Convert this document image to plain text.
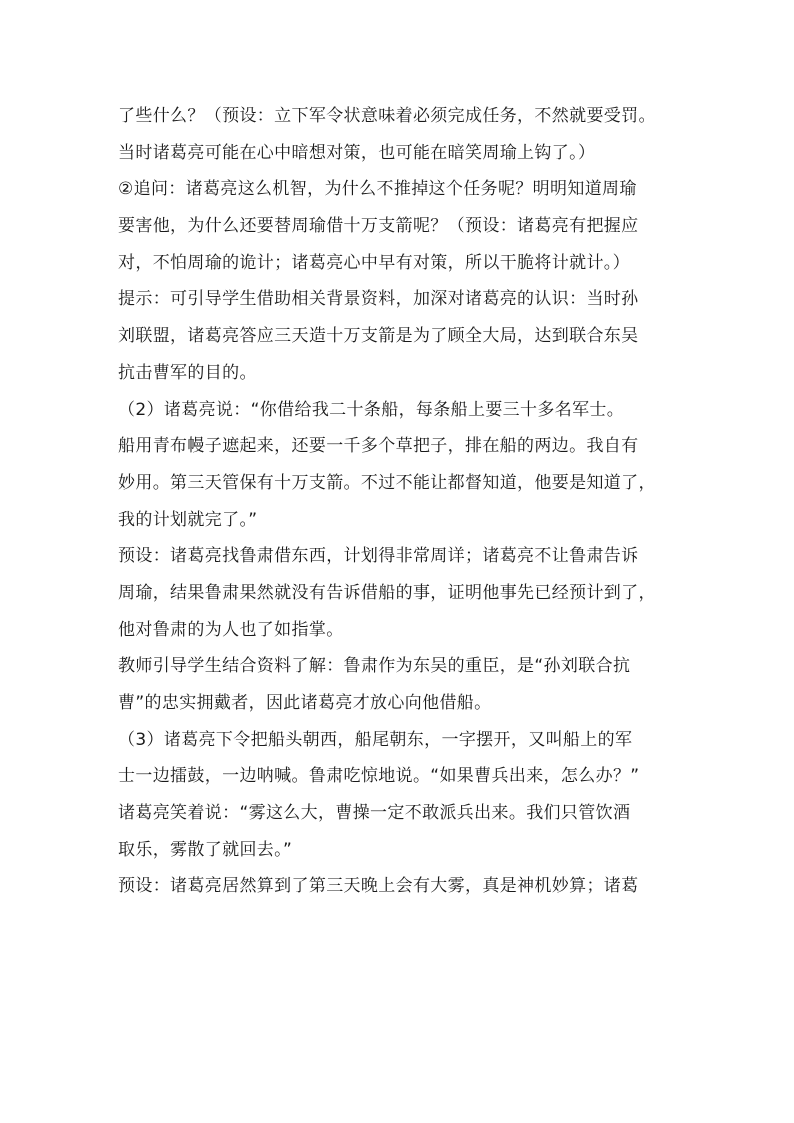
了些什么？（预设：立下军令状意味着必须完成任务，不然就要受罚。
当时诸葛亮可能在心中暗想对策，也可能在暗笑周瑜上钩了。）
②追问：诸葛亮这么机智，为什么不推掉这个任务呢？明明知道周瑜
要害他，为什么还要替周瑜借十万支箭呢？（预设：诸葛亮有把握应
对，不怕周瑜的诡计；诸葛亮心中早有对策，所以干脆将计就计。）
提示：可引导学生借助相关背景资料，加深对诸葛亮的认识：当时孙
刘联盟，诸葛亮答应三天造十万支箭是为了顾全大局，达到联合东吴
抗击曹军的目的。
（2）诸葛亮说：“你借给我二十条船，每条船上要三十多名军士。
船用青布幔子遮起来，还要一千多个草把子，排在船的两边。我自有
妙用。第三天管保有十万支箭。不过不能让都督知道，他要是知道了，
我的计划就完了。”
预设：诸葛亮找鲁肃借东西，计划得非常周详；诸葛亮不让鲁肃告诉
周瑜，结果鲁肃果然就没有告诉借船的事，证明他事先已经预计到了，
他对鲁肃的为人也了如指掌。
教师引导学生结合资料了解：鲁肃作为东吴的重臣，是“孙刘联合抗
曹”的忠实拥戴者，因此诸葛亮才放心向他借船。
（3）诸葛亮下令把船头朝西，船尾朝东，一字摆开，又叫船上的军
士一边擂鼓，一边呐喊。鲁肃吃惊地说。“如果曹兵出来，怎么办？”
诸葛亮笑着说：“雾这么大，曹操一定不敢派兵出来。我们只管饮酒
取乐，雾散了就回去。”
预设：诸葛亮居然算到了第三天晚上会有大雾，真是神机妙算；诸葛
